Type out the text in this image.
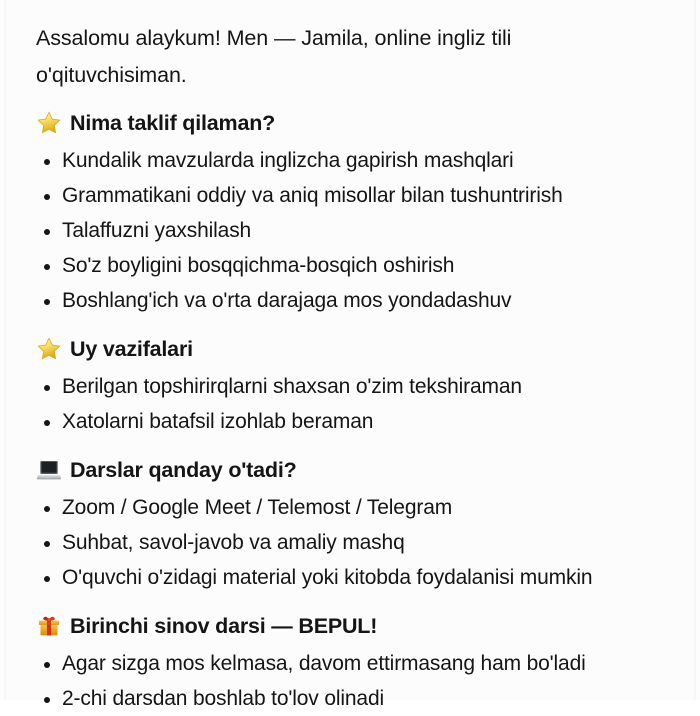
Assalomu alaykum! Men — Jamila, online ingliz tili o'qituvchisiman.

Nima taklif qilaman?
Kundalik mavzularda inglizcha gapirish mashqlari
Grammatikani oddiy va aniq misollar bilan tushuntrirish
Talaffuzni yaxshilash
So'z boyligini bosqqichma-bosqich oshirish
Boshlang'ich va o'rta darajaga mos yondadashuv
Uy vazifalari
Berilgan topshirirqlarni shaxsan o'zim tekshiraman
Xatolarni batafsil izohlab beraman
Darslar qanday o'tadi?
Zoom / Google Meet / Telemost / Telegram
Suhbat, savol-javob va amaliy mashq
O'quvchi o'zidagi material yoki kitobda foydalanisi mumkin
Birinchi sinov darsi — BEPUL!
Agar sizga mos kelmasa, davom ettirmasang ham bo'ladi
2-chi darsdan boshlab to'lov olinadi
